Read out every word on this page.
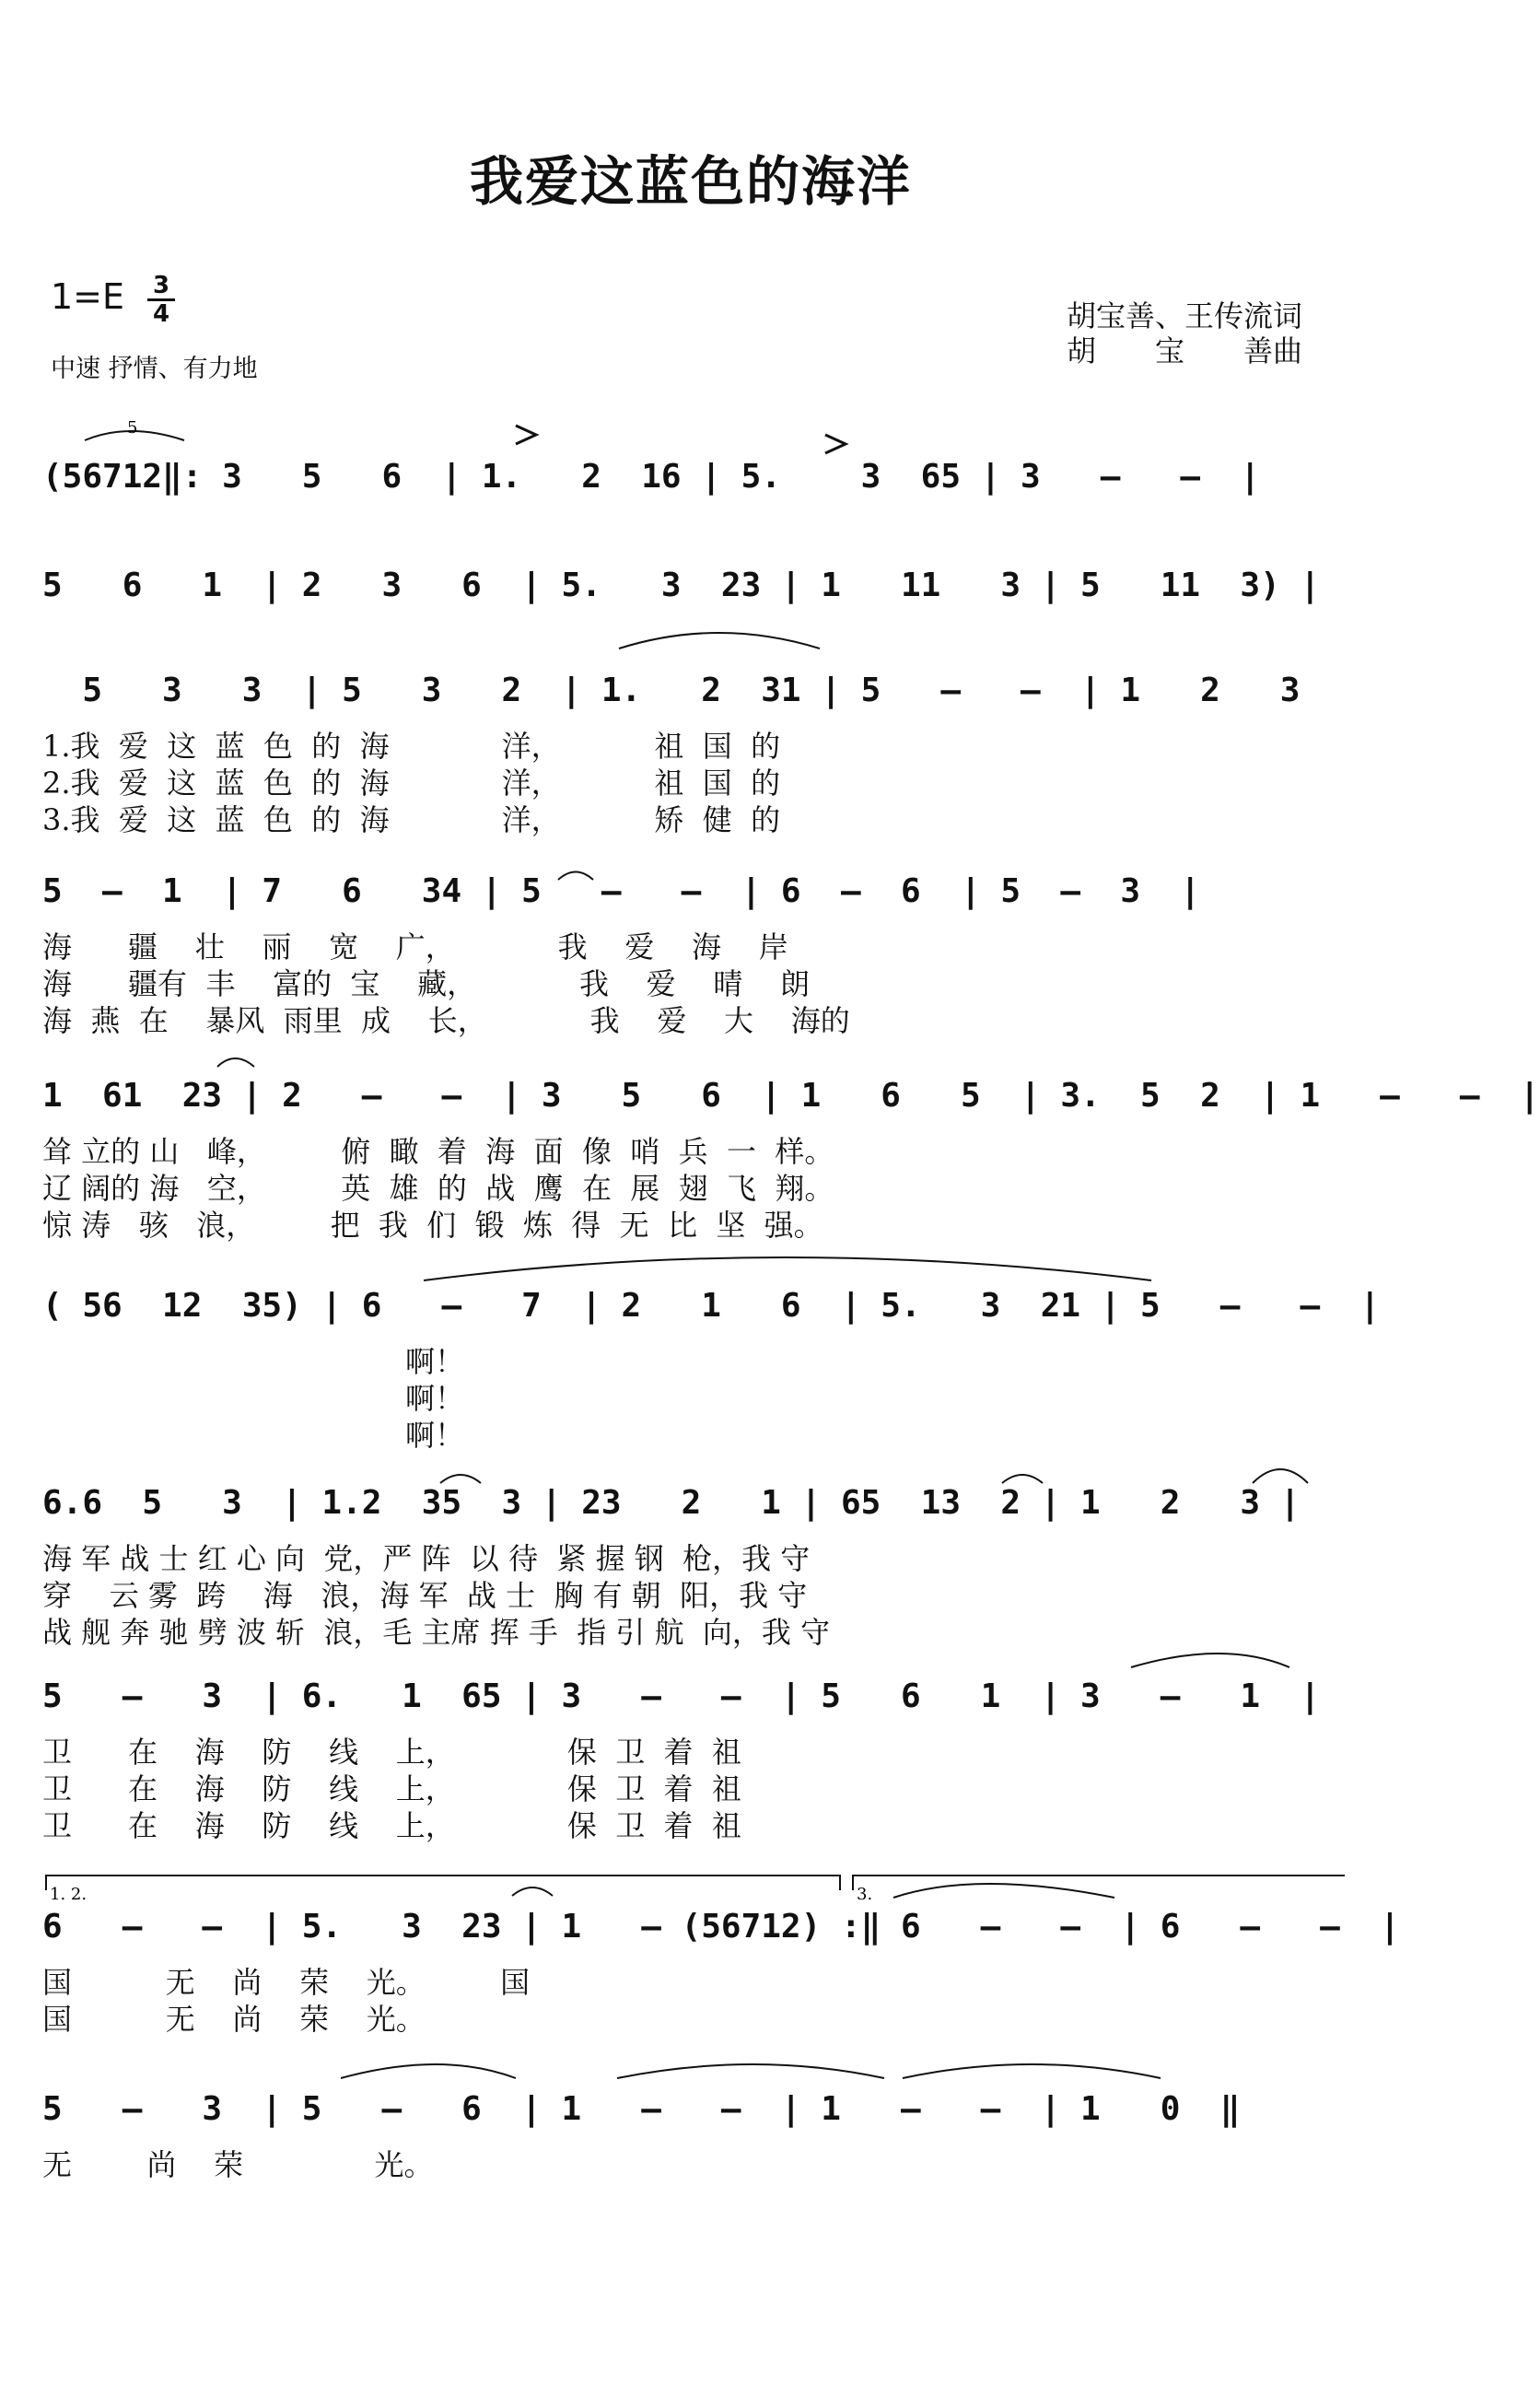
我爱这蓝色的海洋
1=E 3
4
中速 抒情、有力地
胡宝善、王传流词
胡　　宝　　善曲
5
1. 2.	3.
(56712‖: 3   5   6  | 1.   2  16 | 5.    3  65 | 3   –   –  |
5   6   1  | 2   3   6  | 5.   3  23 | 1   11   3 | 5   11  3) |
5   3   3  | 5   3   2  | 1.   2  31 | 5   –   –  | 1   2   3
1.我  爱  这  蓝  色  的  海            洋，          祖  国  的
2.我  爱  这  蓝  色  的  海            洋，          祖  国  的
3.我  爱  这  蓝  色  的  海            洋，          矫  健  的
5  –  1  | 7   6   34 | 5   –   –  | 6  –  6  | 5  –  3  |
海      疆    壮    丽    宽    广，           我    爱    海    岸
海      疆有  丰    富的  宝    藏，           我    爱    晴    朗
海  燕  在    暴风  雨里  成    长，           我    爱    大    海的
1  61  23 | 2   –   –  | 3   5   6  | 1   6   5  | 3.  5  2  | 1   –   –  |
耸 立的 山   峰，        俯  瞰  着  海  面  像  哨  兵  一  样。
辽 阔的 海   空，        英  雄  的  战  鹰  在  展  翅  飞  翔。
惊 涛   骇   浪，        把  我  们  锻  炼  得  无  比  坚  强。
( 56  12  35) | 6   –   7  | 2   1   6  | 5.   3  21 | 5   –   –  |
啊！
啊！
啊！
6.6  5   3  | 1.2  35  3 | 23   2   1 | 65  13  2 | 1   2   3 |
海 军 战 士 红 心 向  党，严 阵  以 待  紧 握 钢  枪，我 守
穿    云 雾  跨    海   浪，海 军  战 士  胸 有 朝  阳，我 守
战 舰 奔 驰 劈 波 斩  浪，毛 主席 挥 手  指 引 航  向，我 守
5   –   3  | 6.   1  65 | 3   –   –  | 5   6   1  | 3   –   1  |
卫      在    海    防    线    上，            保  卫  着  祖
卫      在    海    防    线    上，            保  卫  着  祖
卫      在    海    防    线    上，            保  卫  着  祖
6   –   –  | 5.   3  23 | 1   – (56712) :‖ 6   –   –  | 6   –   –  |
国          无    尚    荣    光。        国
国          无    尚    荣    光。
5   –   3  | 5   –   6  | 1   –   –  | 1   –   –  | 1   0  ‖
无        尚    荣              光。
